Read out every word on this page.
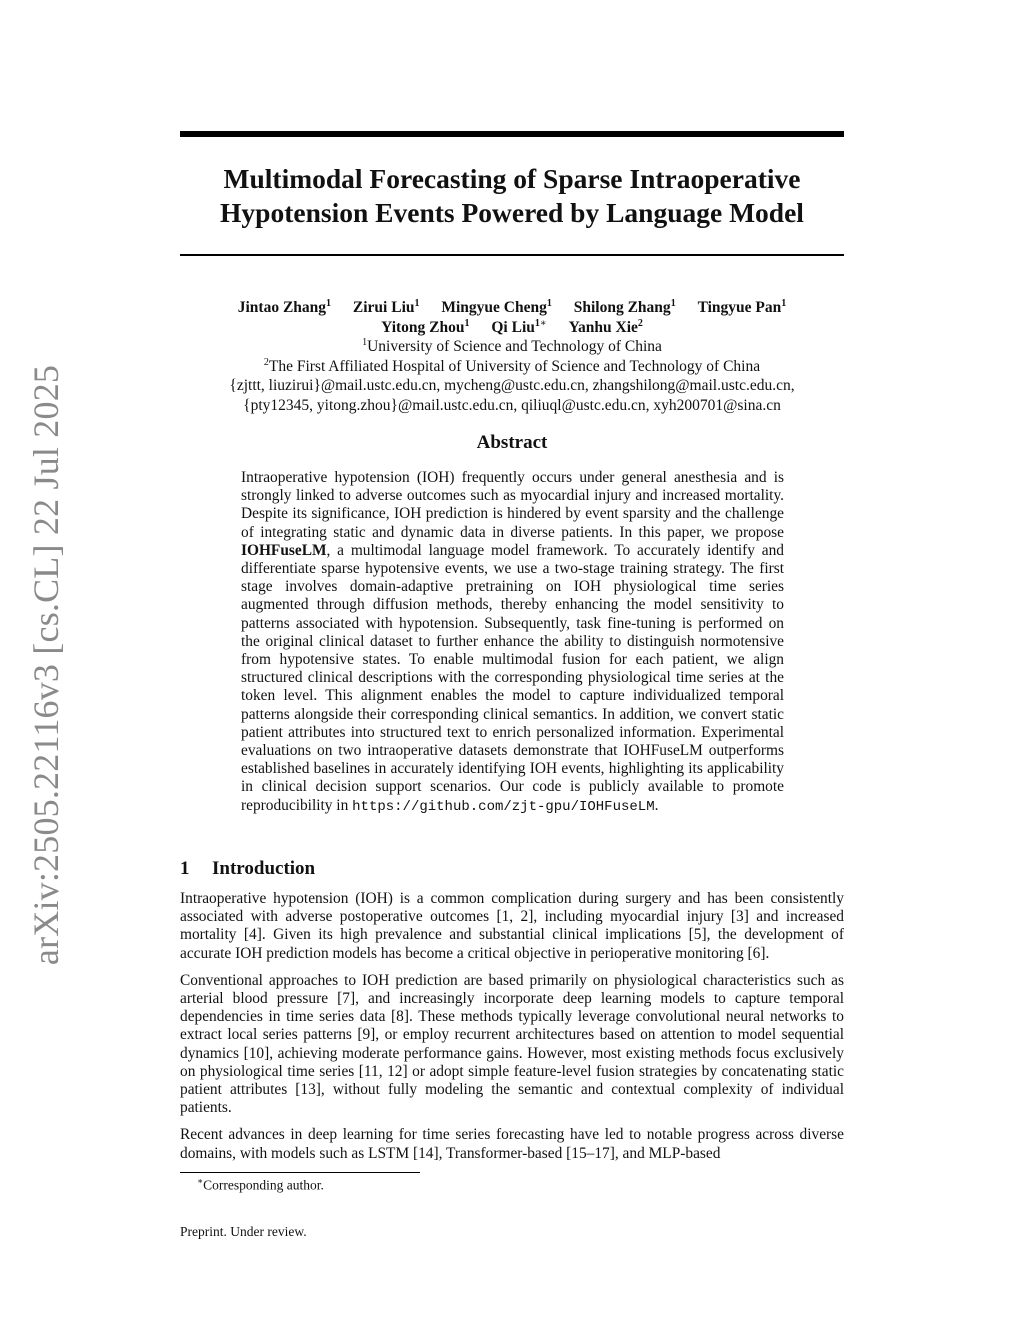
arXiv:2505.22116v3 [cs.CL] 22 Jul 2025
Multimodal Forecasting of Sparse Intraoperative
Hypotension Events Powered by Language Model
Jintao Zhang$^1$ Zirui Liu$^1$ Mingyue Cheng$^1$ Shilong Zhang$^1$ Tingyue Pan$^1$
Yitong Zhou$^1$ Qi Liu$^{1∗}$ Yanhu Xie$^2$
$^1$University of Science and Technology of China
$^2$The First Affiliated Hospital of University of Science and Technology of China
{zjttt, liuzirui}@mail.ustc.edu.cn, mycheng@ustc.edu.cn, zhangshilong@mail.ustc.edu.cn,
{pty12345, yitong.zhou}@mail.ustc.edu.cn, qiliuql@ustc.edu.cn, xyh200701@sina.cn
Abstract
Intraoperative hypotension (IOH) frequently occurs under general anesthesia and is strongly linked to adverse outcomes such as myocardial injury and increased mortality. Despite its significance, IOH prediction is hindered by event sparsity and the challenge of integrating static and dynamic data in diverse patients. In this paper, we propose IOHFuseLM, a multimodal language model framework. To accurately identify and differentiate sparse hypotensive events, we use a two-stage training strategy. The first stage involves domain-adaptive pretraining on IOH physiological time series augmented through diffusion methods, thereby enhancing the model sensitivity to patterns associated with hypotension. Subsequently, task fine-tuning is performed on the original clinical dataset to further enhance the ability to distinguish normotensive from hypotensive states. To enable multimodal fusion for each patient, we align structured clinical descriptions with the corresponding physiological time series at the token level. This alignment enables the model to capture individualized temporal patterns alongside their corresponding clinical semantics. In addition, we convert static patient attributes into structured text to enrich personalized information. Experimental evaluations on two intraoperative datasets demonstrate that IOHFuseLM outperforms established baselines in accurately identifying IOH events, highlighting its applicability in clinical decision support scenarios. Our code is publicly available to promote reproducibility in https://github.com/zjt-gpu/IOHFuseLM.
1 Introduction

Intraoperative hypotension (IOH) is a common complication during surgery and has been consistently associated with adverse postoperative outcomes [1, 2], including myocardial injury [3] and increased mortality [4]. Given its high prevalence and substantial clinical implications [5], the development of accurate IOH prediction models has become a critical objective in perioperative monitoring [6].

Conventional approaches to IOH prediction are based primarily on physiological characteristics such as arterial blood pressure [7], and increasingly incorporate deep learning models to capture temporal dependencies in time series data [8]. These methods typically leverage convolutional neural networks to extract local series patterns [9], or employ recurrent architectures based on attention to model sequential dynamics [10], achieving moderate performance gains. However, most existing methods focus exclusively on physiological time series [11, 12] or adopt simple feature-level fusion strategies by concatenating static patient attributes [13], without fully modeling the semantic and contextual complexity of individual patients.

Recent advances in deep learning for time series forecasting have led to notable progress across diverse domains, with models such as LSTM [14], Transformer-based [15–17], and MLP-based

∗Corresponding author.
Preprint. Under review.
